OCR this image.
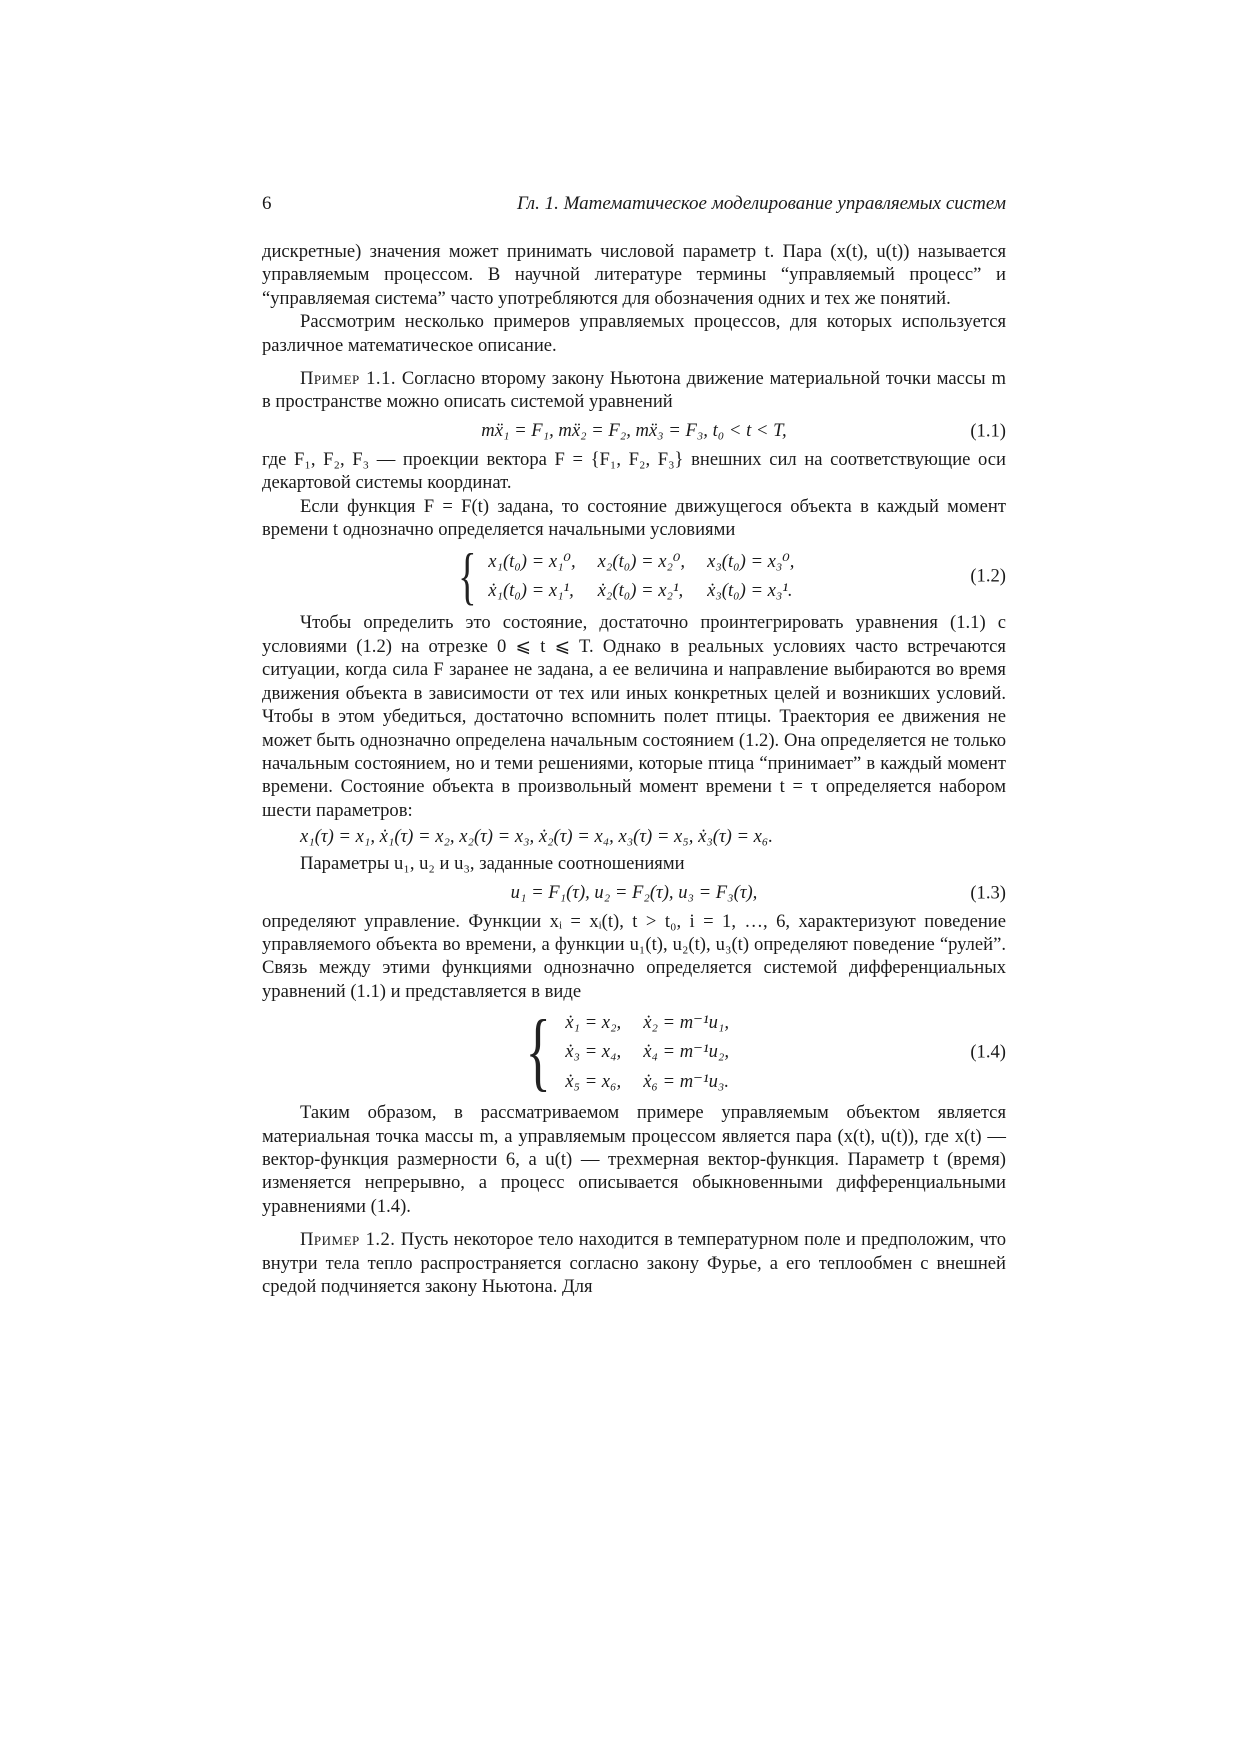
6	Гл. 1. Математическое моделирование управляемых систем

дискретные) значения может принимать числовой параметр t. Пара (x(t), u(t)) называется управляемым процессом. В научной литературе термины “управляемый процесс” и “управляемая система” часто употребляются для обозначения одних и тех же понятий.

Рассмотрим несколько примеров управляемых процессов, для которых используется различное математическое описание.

Пример 1.1. Согласно второму закону Ньютона движение материальной точки массы m в пространстве можно описать системой уравнений

mẍ₁ = F₁, mẍ₂ = F₂, mẍ₃ = F₃, t₀ < t < T,	(1.1)

где F₁, F₂, F₃ — проекции вектора F = {F₁, F₂, F₃} внешних сил на соответствующие оси декартовой системы координат.

Если функция F = F(t) задана, то состояние движущегося объекта в каждый момент времени t однозначно определяется начальными условиями

{ x₁(t₀) = x₁⁰,	x₂(t₀) = x₂⁰,	x₃(t₀) = x₃⁰,
ẋ₁(t₀) = x₁¹,	ẋ₂(t₀) = x₂¹,	ẋ₃(t₀) = x₃¹.
(1.2)

Чтобы определить это состояние, достаточно проинтегрировать уравнения (1.1) с условиями (1.2) на отрезке 0 ⩽ t ⩽ T. Однако в реальных условиях часто встречаются ситуации, когда сила F заранее не задана, а ее величина и направление выбираются во время движения объекта в зависимости от тех или иных конкретных целей и возникших условий. Чтобы в этом убедиться, достаточно вспомнить полет птицы. Траектория ее движения не может быть однозначно определена начальным состоянием (1.2). Она определяется не только начальным состоянием, но и теми решениями, которые птица “принимает” в каждый момент времени. Состояние объекта в произвольный момент времени t = τ определяется набором шести параметров:

x₁(τ) = x₁, ẋ₁(τ) = x₂, x₂(τ) = x₃, ẋ₂(τ) = x₄, x₃(τ) = x₅, ẋ₃(τ) = x₆.

Параметры u₁, u₂ и u₃, заданные соотношениями

u₁ = F₁(τ), u₂ = F₂(τ), u₃ = F₃(τ),	(1.3)

определяют управление. Функции xᵢ = xᵢ(t), t > t₀, i = 1, …, 6, характеризуют поведение управляемого объекта во времени, а функции u₁(t), u₂(t), u₃(t) определяют поведение “рулей”. Связь между этими функциями однозначно определяется системой дифференциальных уравнений (1.1) и представляется в виде

{ ẋ₁ = x₂,	ẋ₂ = m⁻¹u₁,
ẋ₃ = x₄,	ẋ₄ = m⁻¹u₂,
ẋ₅ = x₆,	ẋ₆ = m⁻¹u₃.
(1.4)

Таким образом, в рассматриваемом примере управляемым объектом является материальная точка массы m, а управляемым процессом является пара (x(t), u(t)), где x(t) — вектор-функция размерности 6, а u(t) — трехмерная вектор-функция. Параметр t (время) изменяется непрерывно, а процесс описывается обыкновенными дифференциальными уравнениями (1.4).

Пример 1.2. Пусть некоторое тело находится в температурном поле и предположим, что внутри тела тепло распространяется согласно закону Фурье, а его теплообмен с внешней средой подчиняется закону Ньютона. Для
